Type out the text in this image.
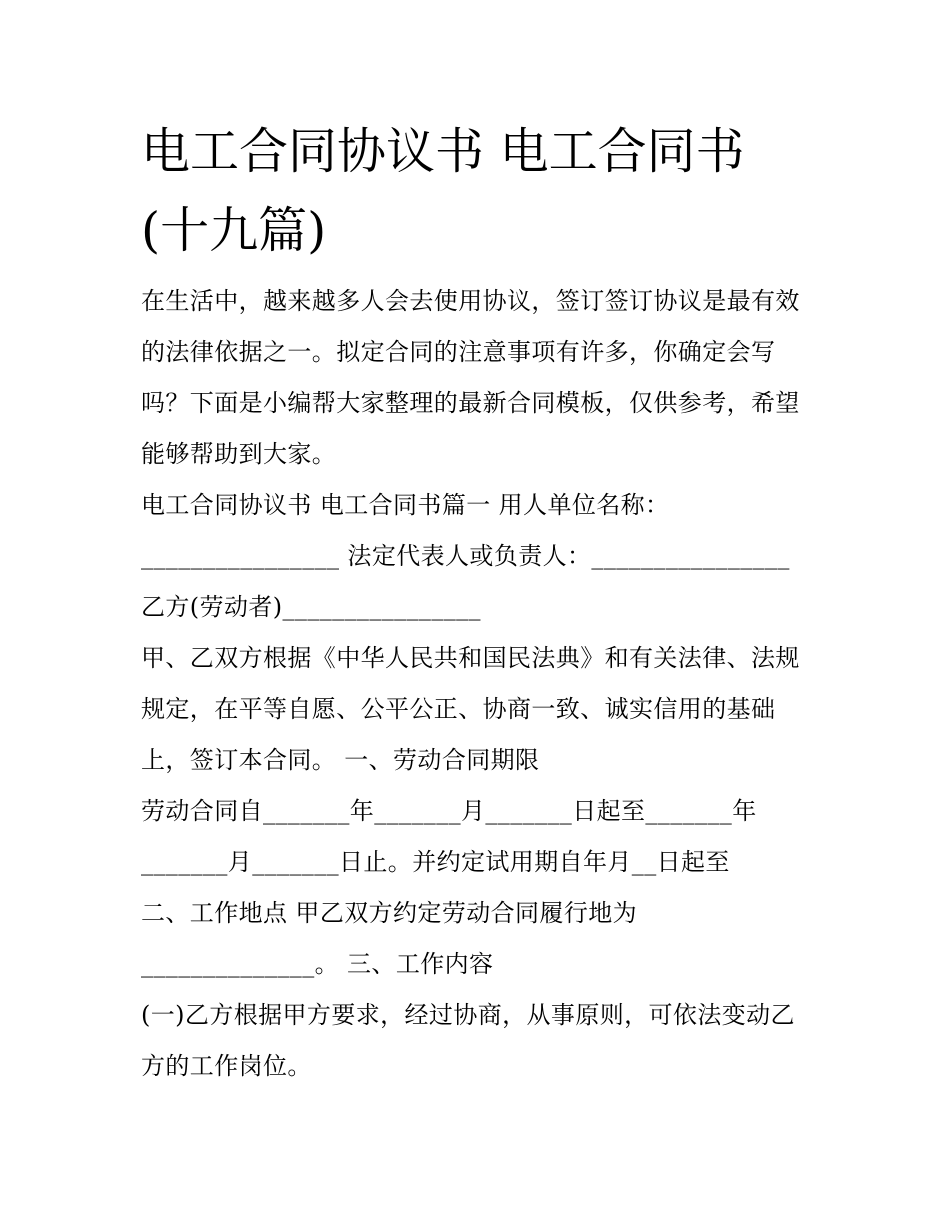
电工合同协议书 电工合同书
(十九篇)
在生活中，越来越多人会去使用协议，签订签订协议是最有效
的法律依据之一。拟定合同的注意事项有许多，你确定会写
吗？下面是小编帮大家整理的最新合同模板，仅供参考，希望
能够帮助到大家。
电工合同协议书 电工合同书篇一 用人单位名称：
________________ 法定代表人或负责人：________________
乙方(劳动者)________________
甲、乙双方根据《中华人民共和国民法典》和有关法律、法规
规定，在平等自愿、公平公正、协商一致、诚实信用的基础
上，签订本合同。 一、劳动合同期限
劳动合同自_______年_______月_______日起至_______年
_______月_______日止。并约定试用期自年月__日起至
二、工作地点 甲乙双方约定劳动合同履行地为
______________。 三、工作内容
(一)乙方根据甲方要求，经过协商，从事原则，可依法变动乙
方的工作岗位。
